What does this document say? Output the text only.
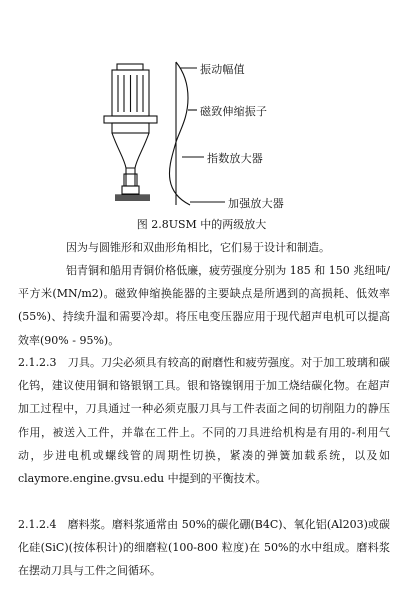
振动幅值
磁致伸缩振子
指数放大器
加强放大器
图 2.8USM 中的两级放大

因为与圆锥形和双曲形角相比，它们易于设计和制造。

铝青铜和船用青铜价格低廉，疲劳强度分别为 185 和 150 兆纽吨/平方米(MN/m2)。磁致伸缩换能器的主要缺点是所遇到的高损耗、低效率(55%)、持续升温和需要冷却。将压电变压器应用于现代超声电机可以提高效率(90% - 95%)。

2.1.2.3　刀具。刀尖必须具有较高的耐磨性和疲劳强度。对于加工玻璃和碳化钨，建议使用铜和铬银钢工具。银和铬镍钢用于加工烧结碳化物。在超声加工过程中，刀具通过一种必须克服刀具与工件表面之间的切削阻力的静压作用，被送入工件，并靠在工件上。不同的刀具进给机构是有用的-利用气动，步进电机或螺线管的周期性切换，紧凑的弹簧加载系统，以及如 claymore.engine.gvsu.edu 中提到的平衡技术。

2.1.2.4　磨料浆。磨料浆通常由 50%的碳化硼(B4C)、氧化铝(Al203)或碳化硅(SiC)(按体积计)的细磨粒(100-800 粒度)在 50%的水中组成。磨料浆在摆动刀具与工件之间循环。
